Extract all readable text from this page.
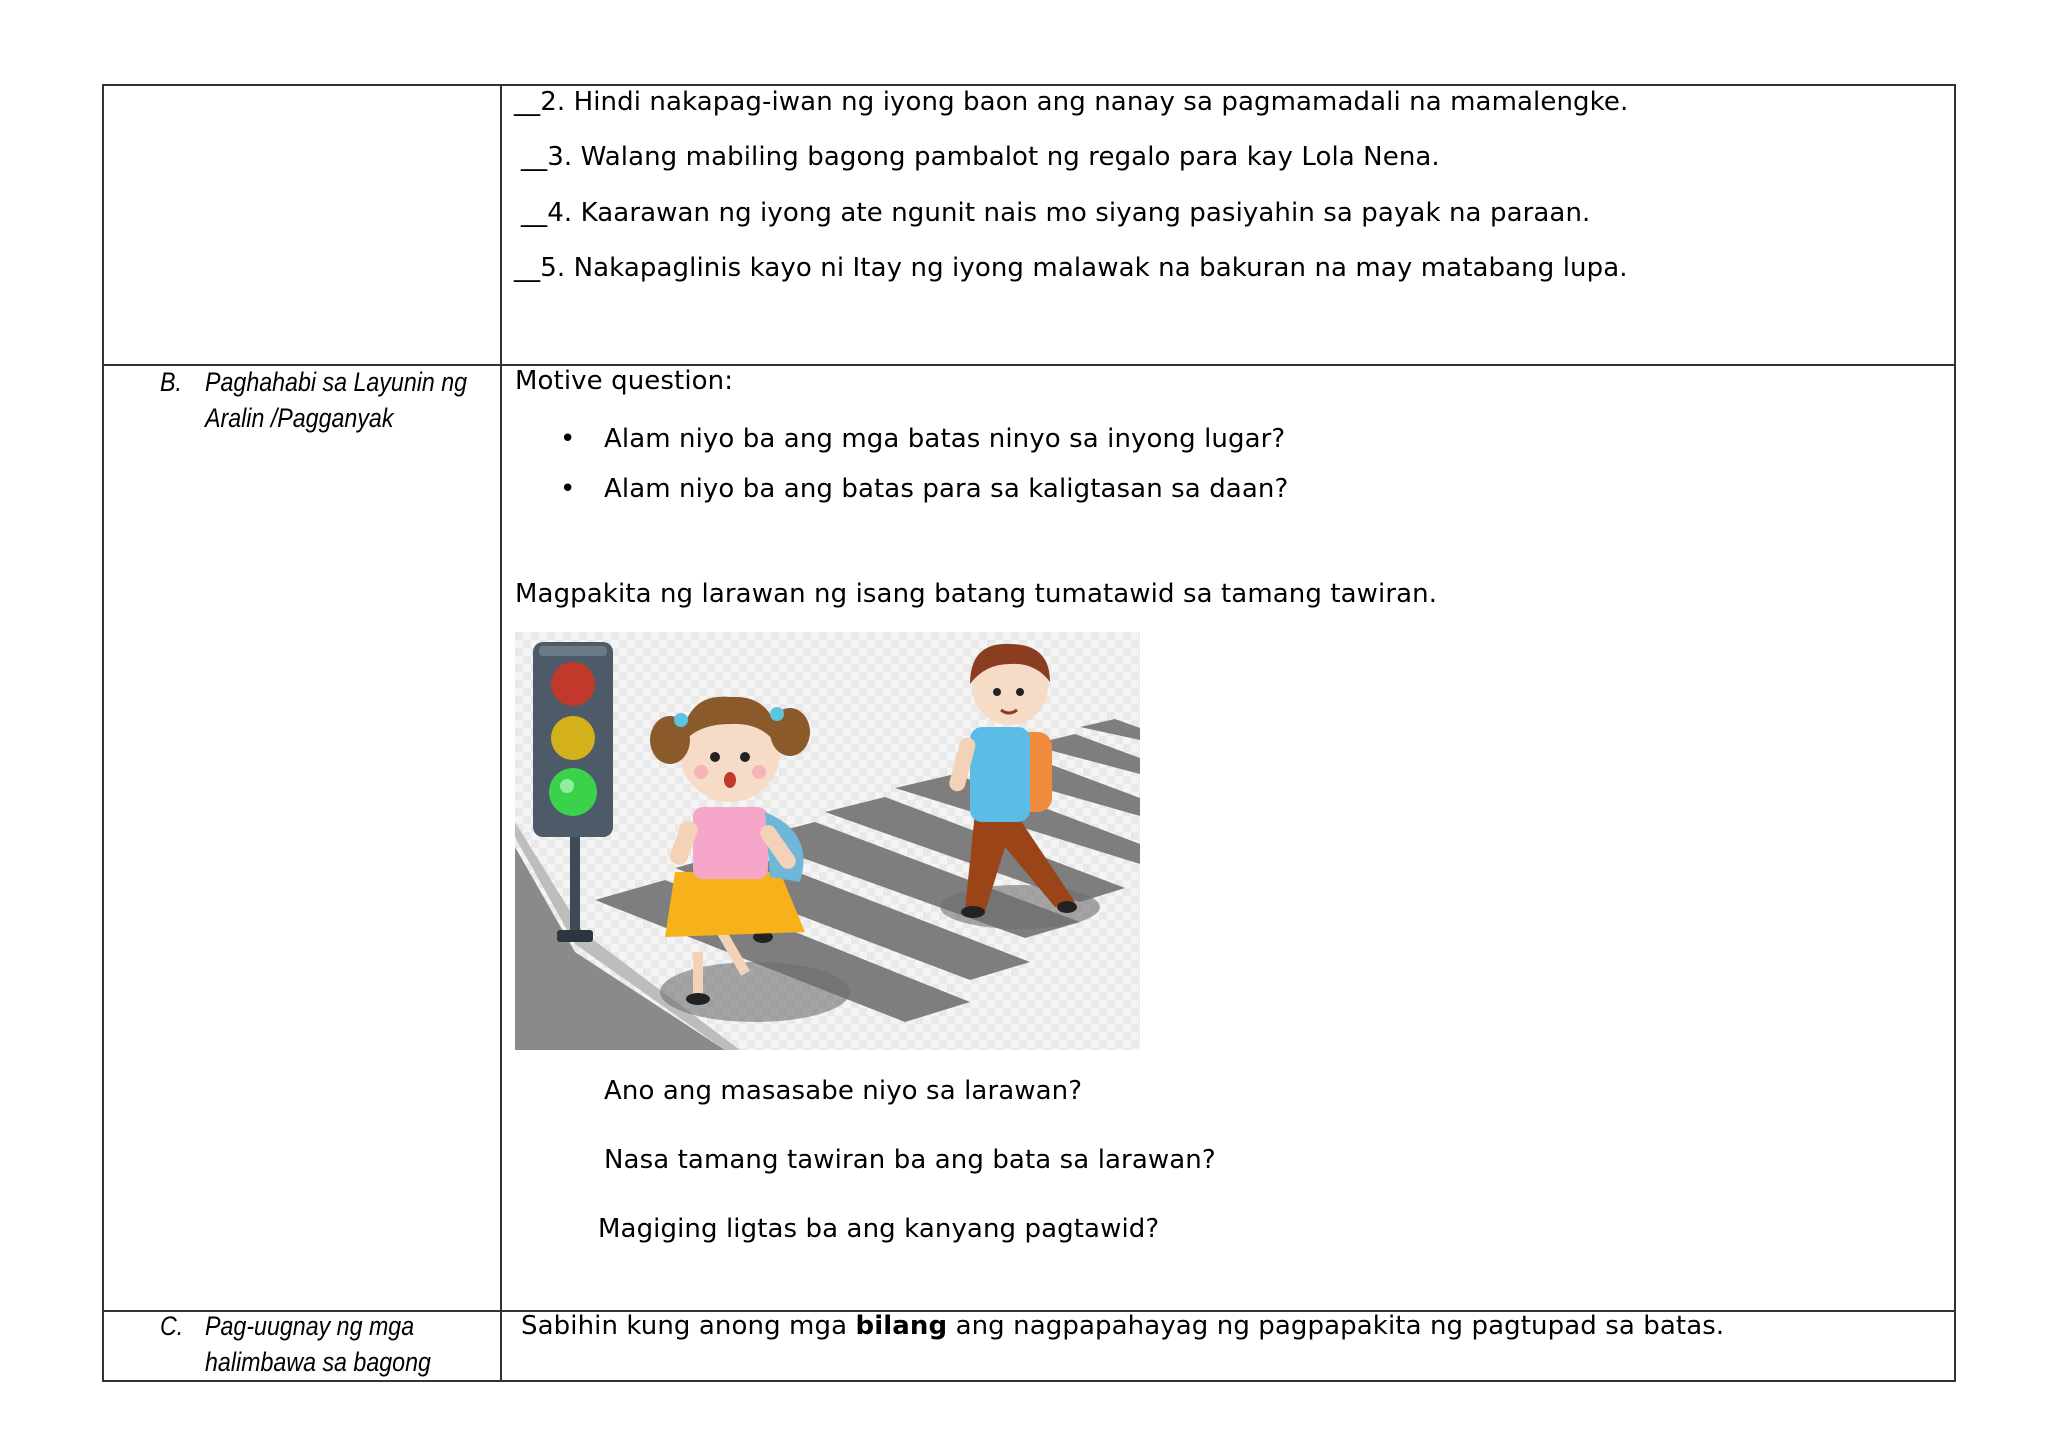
__2. Hindi nakapag-iwan ng iyong baon ang nanay sa pagmamadali na mamalengke.
__3. Walang mabiling bagong pambalot ng regalo para kay Lola Nena.
__4. Kaarawan ng iyong ate ngunit nais mo siyang pasiyahin sa payak na paraan.
__5. Nakapaglinis kayo ni Itay ng iyong malawak na bakuran na may matabang lupa.
B. Paghahabi sa Layunin ng
Aralin /Pagganyak
Motive question:
• Alam niyo ba ang mga batas ninyo sa inyong lugar?
• Alam niyo ba ang batas para sa kaligtasan sa daan?
Magpakita ng larawan ng isang batang tumatawid sa tamang tawiran.
Ano ang masasabe niyo sa larawan?
Nasa tamang tawiran ba ang bata sa larawan?
Magiging ligtas ba ang kanyang pagtawid?
C. Pag-uugnay ng mga
halimbawa sa bagong
Sabihin kung anong mga bilang ang nagpapahayag ng pagpapakita ng pagtupad sa batas.
